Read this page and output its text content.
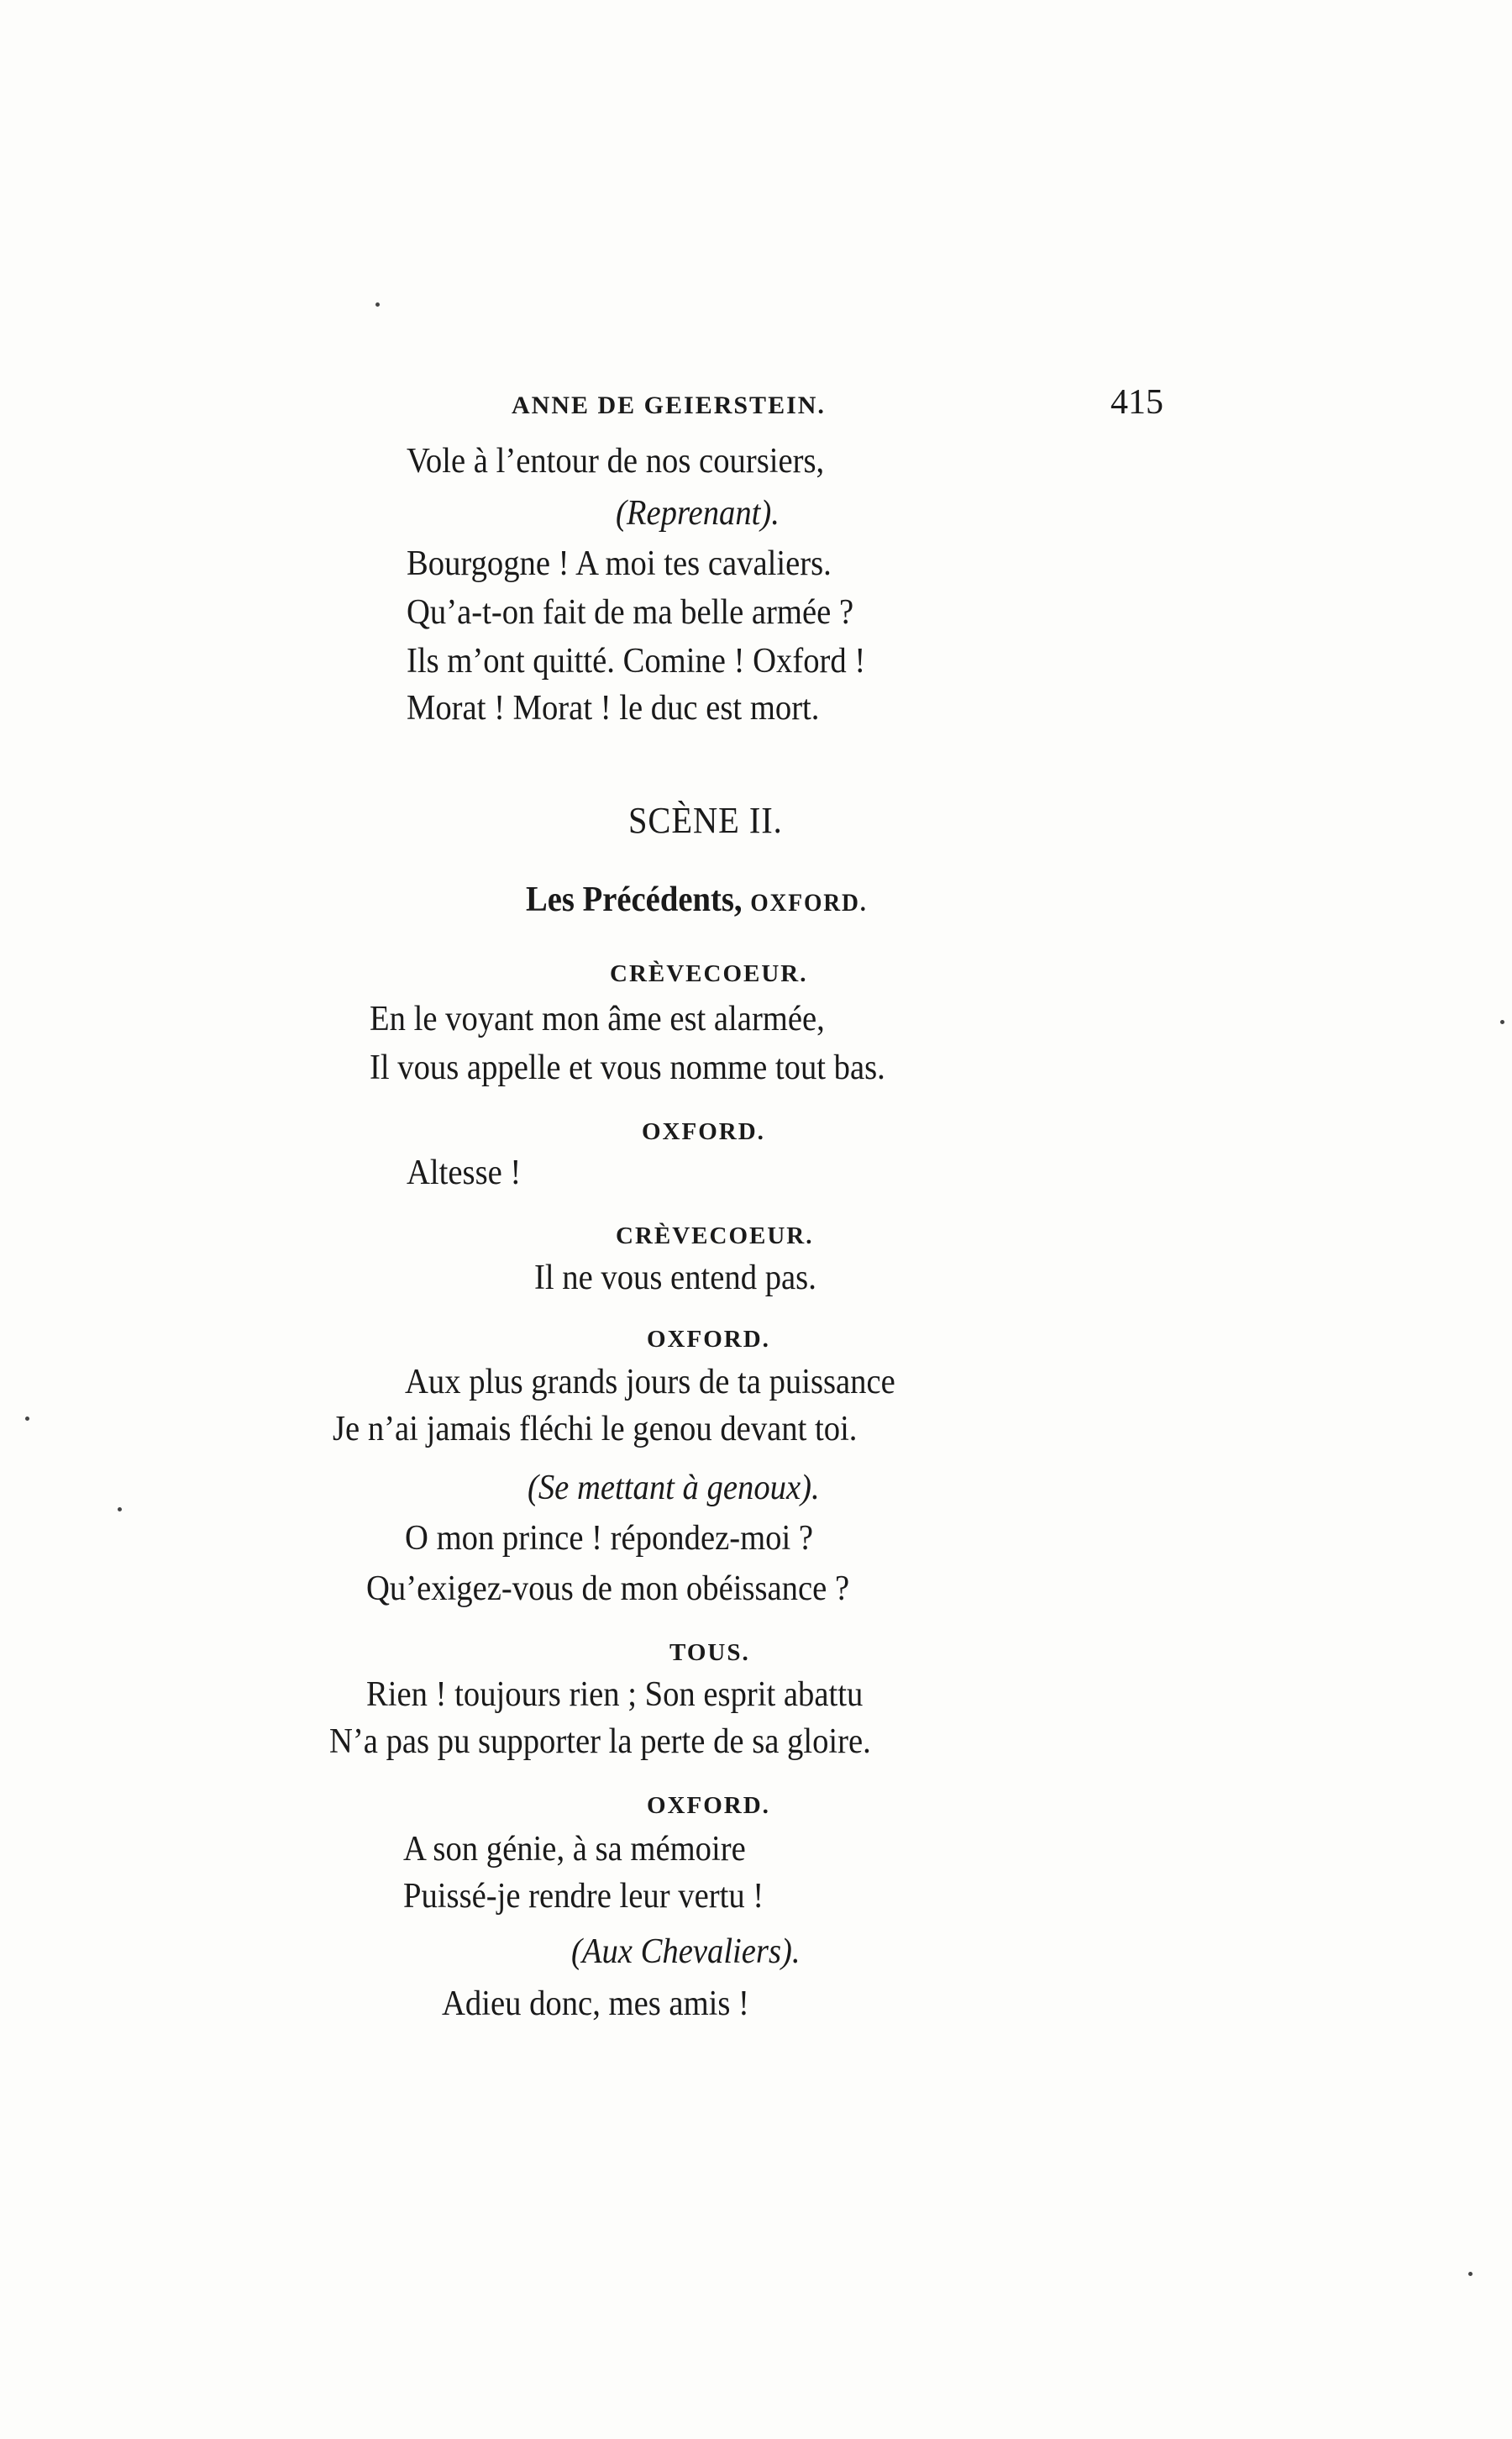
ANNE DE GEIERSTEIN.	415
Vole à l’entour de nos coursiers,
(Reprenant).
Bourgogne ! A moi tes cavaliers.
Qu’a-t-on fait de ma belle armée ?
Ils m’ont quitté. Comine ! Oxford !
Morat ! Morat ! le duc est mort.
SCÈNE II.
Les Précédents, OXFORD.
CRÈVECOEUR.
En le voyant mon âme est alarmée,
Il vous appelle et vous nomme tout bas.
OXFORD.
Altesse !
CRÈVECOEUR.
Il ne vous entend pas.
OXFORD.
Aux plus grands jours de ta puissance
Je n’ai jamais fléchi le genou devant toi.
(Se mettant à genoux).
O mon prince ! répondez-moi ?
Qu’exigez-vous de mon obéissance ?
TOUS.
Rien ! toujours rien ; Son esprit abattu
N’a pas pu supporter la perte de sa gloire.
OXFORD.
A son génie, à sa mémoire
Puissé-je rendre leur vertu !
(Aux Chevaliers).
Adieu donc, mes amis !
